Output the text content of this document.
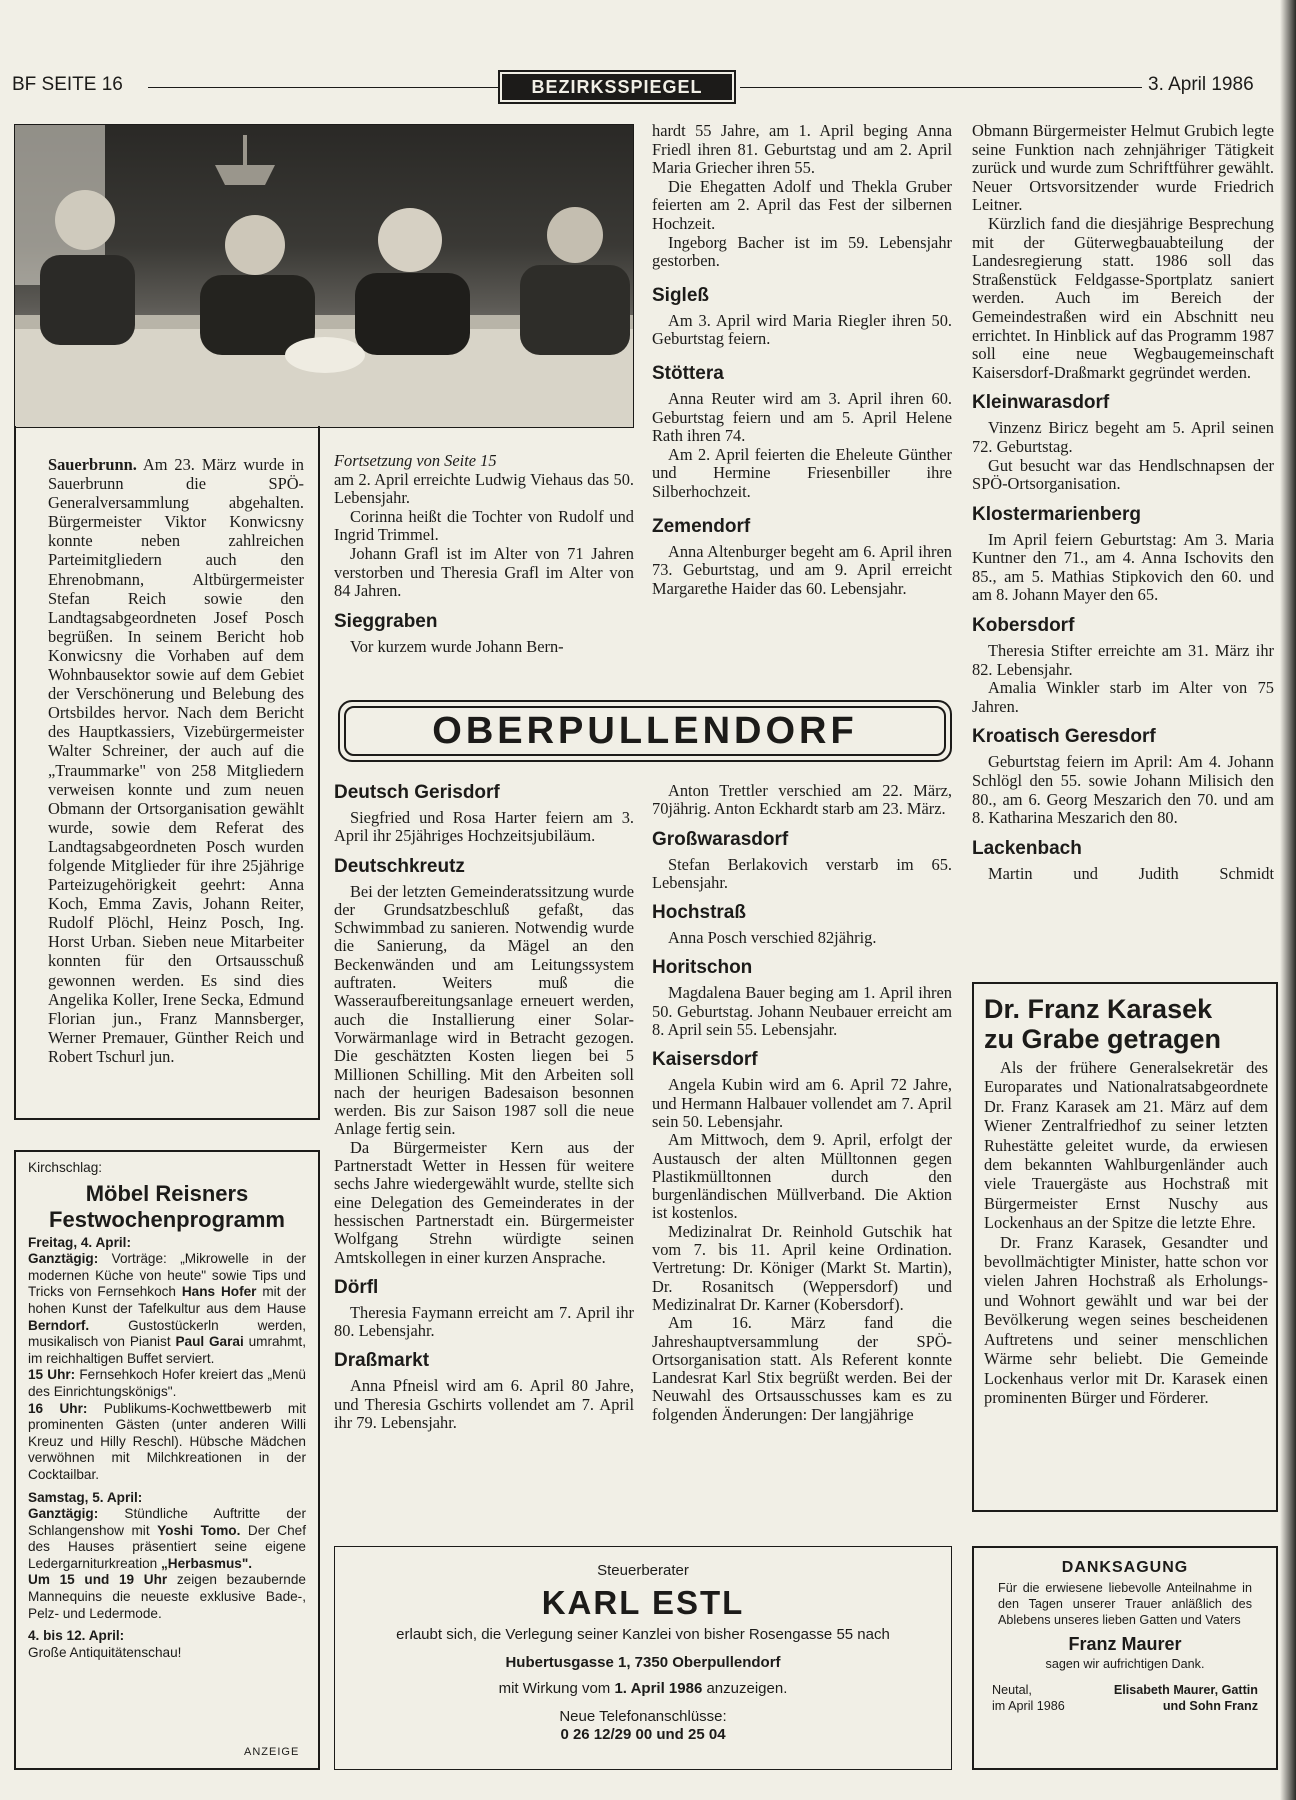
BF SEITE 16	BEZIRKSSPIEGEL	3. April 1986

Sauerbrunn. Am 23. März wurde in Sauerbrunn die SPÖ-Generalversammlung abgehalten. Bürgermeister Viktor Konwicsny konnte neben zahlreichen Parteimitgliedern auch den Ehrenobmann, Altbürgermeister Stefan Reich sowie den Landtagsabgeordneten Josef Posch begrüßen. In seinem Bericht hob Konwicsny die Vorhaben auf dem Wohnbausektor sowie auf dem Gebiet der Verschönerung und Belebung des Ortsbildes hervor. Nach dem Bericht des Hauptkassiers, Vizebürgermeister Walter Schreiner, der auch auf die „Traummarke" von 258 Mitgliedern verweisen konnte und zum neuen Obmann der Ortsorganisation gewählt wurde, sowie dem Referat des Landtagsabgeordneten Posch wurden folgende Mitglieder für ihre 25jährige Parteizugehörigkeit geehrt: Anna Koch, Emma Zavis, Johann Reiter, Rudolf Plöchl, Heinz Posch, Ing. Horst Urban. Sieben neue Mitarbeiter konnten für den Ortsausschuß gewonnen werden. Es sind dies Angelika Koller, Irene Secka, Edmund Florian jun., Franz Mannsberger, Werner Premauer, Günther Reich und Robert Tschurl jun.

Fortsetzung von Seite 15

am 2. April erreichte Ludwig Viehaus das 50. Lebensjahr.

Corinna heißt die Tochter von Rudolf und Ingrid Trimmel.

Johann Grafl ist im Alter von 71 Jahren verstorben und Theresia Grafl im Alter von 84 Jahren.

Sieggraben

Vor kurzem wurde Johann Bern-

hardt 55 Jahre, am 1. April beging Anna Friedl ihren 81. Geburtstag und am 2. April Maria Griecher ihren 55.

Die Ehegatten Adolf und Thekla Gruber feierten am 2. April das Fest der silbernen Hochzeit.

Ingeborg Bacher ist im 59. Lebensjahr gestorben.

Sigleß

Am 3. April wird Maria Riegler ihren 50. Geburtstag feiern.

Stöttera

Anna Reuter wird am 3. April ihren 60. Geburtstag feiern und am 5. April Helene Rath ihren 74.

Am 2. April feierten die Eheleute Günther und Hermine Friesenbiller ihre Silberhochzeit.

Zemendorf

Anna Altenburger begeht am 6. April ihren 73. Geburtstag, und am 9. April erreicht Margarethe Haider das 60. Lebensjahr.

OBERPULLENDORF

Obmann Bürgermeister Helmut Grubich legte seine Funktion nach zehnjähriger Tätigkeit zurück und wurde zum Schriftführer gewählt. Neuer Ortsvorsitzender wurde Friedrich Leitner.

Kürzlich fand die diesjährige Besprechung mit der Güterwegbauabteilung der Landesregierung statt. 1986 soll das Straßenstück Feldgasse-Sportplatz saniert werden. Auch im Bereich der Gemeindestraßen wird ein Abschnitt neu errichtet. In Hinblick auf das Programm 1987 soll eine neue Wegbaugemeinschaft Kaisersdorf-Draßmarkt gegründet werden.

Kleinwarasdorf

Vinzenz Biricz begeht am 5. April seinen 72. Geburtstag.

Gut besucht war das Hendlschnapsen der SPÖ-Ortsorganisation.

Klostermarienberg

Im April feiern Geburtstag: Am 3. Maria Kuntner den 71., am 4. Anna Ischovits den 85., am 5. Mathias Stipkovich den 60. und am 8. Johann Mayer den 65.

Kobersdorf

Theresia Stifter erreichte am 31. März ihr 82. Lebensjahr.

Amalia Winkler starb im Alter von 75 Jahren.

Kroatisch Geresdorf

Geburtstag feiern im April: Am 4. Johann Schlögl den 55. sowie Johann Milisich den 80., am 6. Georg Meszarich den 70. und am 8. Katharina Meszarich den 80.

Lackenbach

Martin und Judith Schmidt

Deutsch Gerisdorf

Siegfried und Rosa Harter feiern am 3. April ihr 25jähriges Hochzeitsjubiläum.

Deutschkreutz

Bei der letzten Gemeinderatssitzung wurde der Grundsatzbeschluß gefaßt, das Schwimmbad zu sanieren. Notwendig wurde die Sanierung, da Mägel an den Beckenwänden und am Leitungssystem auftraten. Weiters muß die Wasseraufbereitungsanlage erneuert werden, auch die Installierung einer Solar-Vorwärmanlage wird in Betracht gezogen. Die geschätzten Kosten liegen bei 5 Millionen Schilling. Mit den Arbeiten soll nach der heurigen Badesaison besonnen werden. Bis zur Saison 1987 soll die neue Anlage fertig sein.

Da Bürgermeister Kern aus der Partnerstadt Wetter in Hessen für weitere sechs Jahre wiedergewählt wurde, stellte sich eine Delegation des Gemeinderates in der hessischen Partnerstadt ein. Bürgermeister Wolfgang Strehn würdigte seinen Amtskollegen in einer kurzen Ansprache.

Dörfl

Theresia Faymann erreicht am 7. April ihr 80. Lebensjahr.

Draßmarkt

Anna Pfneisl wird am 6. April 80 Jahre, und Theresia Gschirts vollendet am 7. April ihr 79. Lebensjahr.

Anton Trettler verschied am 22. März, 70jährig. Anton Eckhardt starb am 23. März.

Großwarasdorf

Stefan Berlakovich verstarb im 65. Lebensjahr.

Hochstraß

Anna Posch verschied 82jährig.

Horitschon

Magdalena Bauer beging am 1. April ihren 50. Geburtstag. Johann Neubauer erreicht am 8. April sein 55. Lebensjahr.

Kaisersdorf

Angela Kubin wird am 6. April 72 Jahre, und Hermann Halbauer vollendet am 7. April sein 50. Lebensjahr.

Am Mittwoch, dem 9. April, erfolgt der Austausch der alten Mülltonnen gegen Plastikmülltonnen durch den burgenländischen Müllverband. Die Aktion ist kostenlos.

Medizinalrat Dr. Reinhold Gutschik hat vom 7. bis 11. April keine Ordination. Vertretung: Dr. Königer (Markt St. Martin), Dr. Rosanitsch (Weppersdorf) und Medizinalrat Dr. Karner (Kobersdorf).

Am 16. März fand die Jahreshauptversammlung der SPÖ-Ortsorganisation statt. Als Referent konnte Landesrat Karl Stix begrüßt werden. Bei der Neuwahl des Ortsausschusses kam es zu folgenden Änderungen: Der langjährige

Dr. Franz Karasek
zu Grabe getragen

Als der frühere Generalsekretär des Europarates und Nationalratsabgeordnete Dr. Franz Karasek am 21. März auf dem Wiener Zentralfriedhof zu seiner letzten Ruhestätte geleitet wurde, da erwiesen dem bekannten Wahlburgenländer auch viele Trauergäste aus Hochstraß mit Bürgermeister Ernst Nuschy aus Lockenhaus an der Spitze die letzte Ehre.

Dr. Franz Karasek, Gesandter und bevollmächtigter Minister, hatte schon vor vielen Jahren Hochstraß als Erholungs- und Wohnort gewählt und war bei der Bevölkerung wegen seines bescheidenen Auftretens und seiner menschlichen Wärme sehr beliebt. Die Gemeinde Lockenhaus verlor mit Dr. Karasek einen prominenten Bürger und Förderer.

Kirchschlag:
Möbel Reisners
Festwochenprogramm
Freitag, 4. April:
Ganztägig: Vorträge: „Mikrowelle in der modernen Küche von heute" sowie Tips und Tricks von Fernsehkoch Hans Hofer mit der hohen Kunst der Tafelkultur aus dem Hause Berndorf. Gustostückerln werden, musikalisch von Pianist Paul Garai umrahmt, im reichhaltigen Buffet serviert.
15 Uhr: Fernsehkoch Hofer kreiert das „Menü des Einrichtungskönigs".
16 Uhr: Publikums-Kochwettbewerb mit prominenten Gästen (unter anderen Willi Kreuz und Hilly Reschl). Hübsche Mädchen verwöhnen mit Milchkreationen in der Cocktailbar.
Samstag, 5. April:
Ganztägig: Stündliche Auftritte der Schlangenshow mit Yoshi Tomo. Der Chef des Hauses präsentiert seine eigene Ledergarniturkreation „Herbasmus".
Um 15 und 19 Uhr zeigen bezaubernde Mannequins die neueste exklusive Bade-, Pelz- und Ledermode.
4. bis 12. April:
Große Antiquitätenschau!
ANZEIGE
Steuerberater
KARL ESTL
erlaubt sich, die Verlegung seiner Kanzlei von bisher Rosengasse 55 nach
Hubertusgasse 1, 7350 Oberpullendorf
mit Wirkung vom 1. April 1986 anzuzeigen.
Neue Telefonanschlüsse:
0 26 12/29 00 und 25 04
DANKSAGUNG
Für die erwiesene liebevolle Anteilnahme in den Tagen unserer Trauer anläßlich des Ablebens unseres lieben Gatten und Vaters
Franz Maurer
sagen wir aufrichtigen Dank.
Neutal,
im April 1986
Elisabeth Maurer, Gattin
und Sohn Franz
